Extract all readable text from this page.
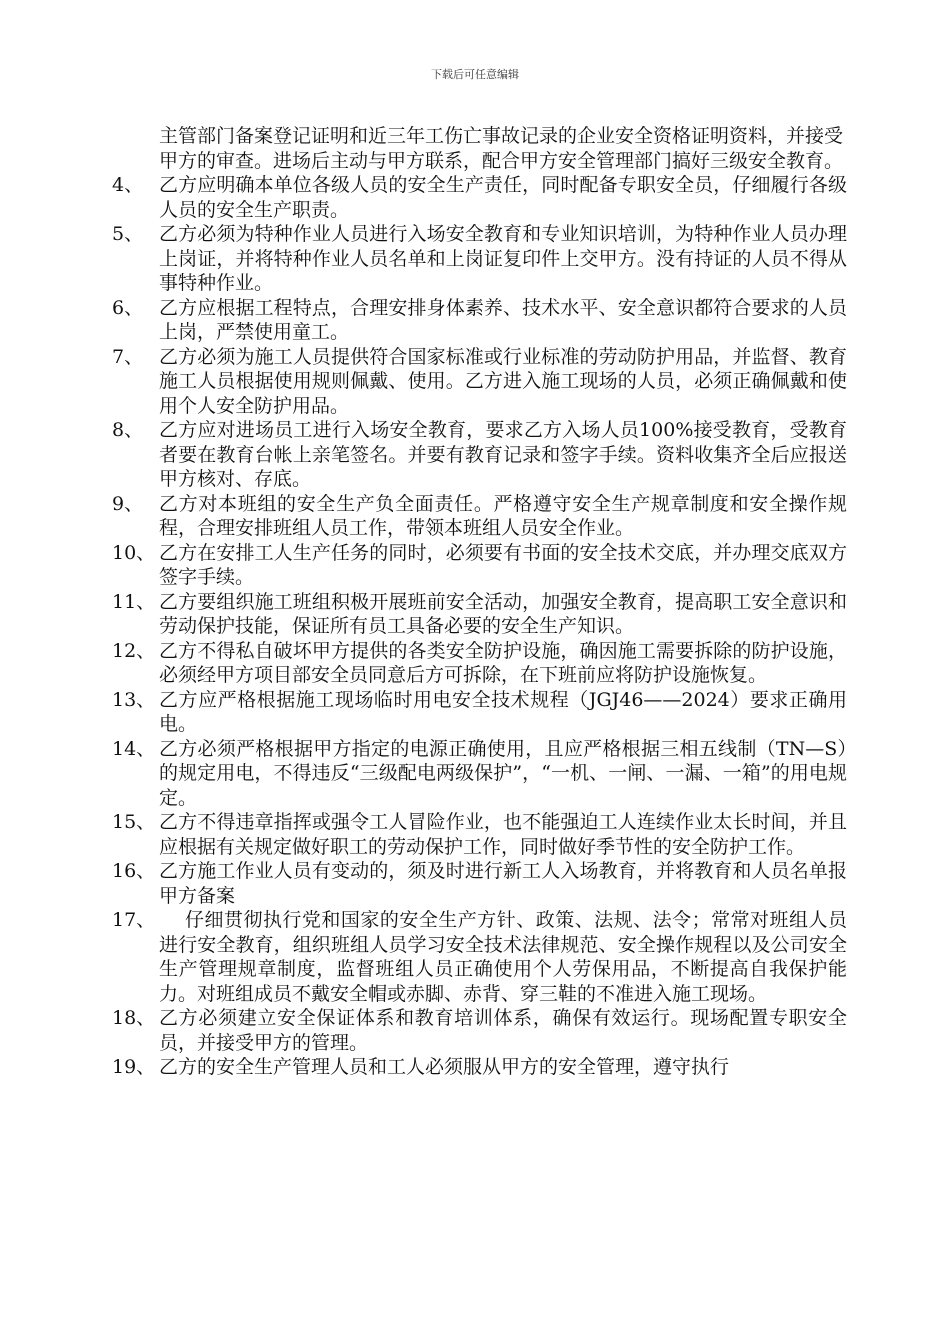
下载后可任意编辑
主管部门备案登记证明和近三年工伤亡事故记录的企业安全资格证明资料，并接受甲方的审查。进场后主动与甲方联系，配合甲方安全管理部门搞好三级安全教育。
4、 乙方应明确本单位各级人员的安全生产责任，同时配备专职安全员，仔细履行各级人员的安全生产职责。
5、 乙方必须为特种作业人员进行入场安全教育和专业知识培训，为特种作业人员办理上岗证，并将特种作业人员名单和上岗证复印件上交甲方。没有持证的人员不得从事特种作业。
6、 乙方应根据工程特点，合理安排身体素养、技术水平、安全意识都符合要求的人员上岗，严禁使用童工。
7、 乙方必须为施工人员提供符合国家标准或行业标准的劳动防护用品，并监督、教育施工人员根据使用规则佩戴、使用。乙方进入施工现场的人员，必须正确佩戴和使用个人安全防护用品。
8、 乙方应对进场员工进行入场安全教育，要求乙方入场人员100%接受教育，受教育者要在教育台帐上亲笔签名。并要有教育记录和签字手续。资料收集齐全后应报送甲方核对、存底。
9、 乙方对本班组的安全生产负全面责任。严格遵守安全生产规章制度和安全操作规程，合理安排班组人员工作，带领本班组人员安全作业。
10、 乙方在安排工人生产任务的同时，必须要有书面的安全技术交底，并办理交底双方签字手续。
11、 乙方要组织施工班组积极开展班前安全活动，加强安全教育，提高职工安全意识和劳动保护技能，保证所有员工具备必要的安全生产知识。
12、 乙方不得私自破坏甲方提供的各类安全防护设施，确因施工需要拆除的防护设施，必须经甲方项目部安全员同意后方可拆除，在下班前应将防护设施恢复。
13、 乙方应严格根据施工现场临时用电安全技术规程（JGJ46——2024）要求正确用电。
14、 乙方必须严格根据甲方指定的电源正确使用，且应严格根据三相五线制（TN—S）的规定用电，不得违反“三级配电两级保护”，“一机、一闸、一漏、一箱”的用电规定。
15、 乙方不得违章指挥或强令工人冒险作业，也不能强迫工人连续作业太长时间，并且应根据有关规定做好职工的劳动保护工作，同时做好季节性的安全防护工作。
16、 乙方施工作业人员有变动的，须及时进行新工人入场教育，并将教育和人员名单报甲方备案
17、	仔细贯彻执行党和国家的安全生产方针、政策、法规、法令；常常对班组人员进行安全教育，组织班组人员学习安全技术法律规范、安全操作规程以及公司安全生产管理规章制度，监督班组人员正确使用个人劳保用品，不断提高自我保护能力。对班组成员不戴安全帽或赤脚、赤背、穿三鞋的不准进入施工现场。
18、 乙方必须建立安全保证体系和教育培训体系，确保有效运行。现场配置专职安全员，并接受甲方的管理。
19、 乙方的安全生产管理人员和工人必须服从甲方的安全管理，遵守执行
